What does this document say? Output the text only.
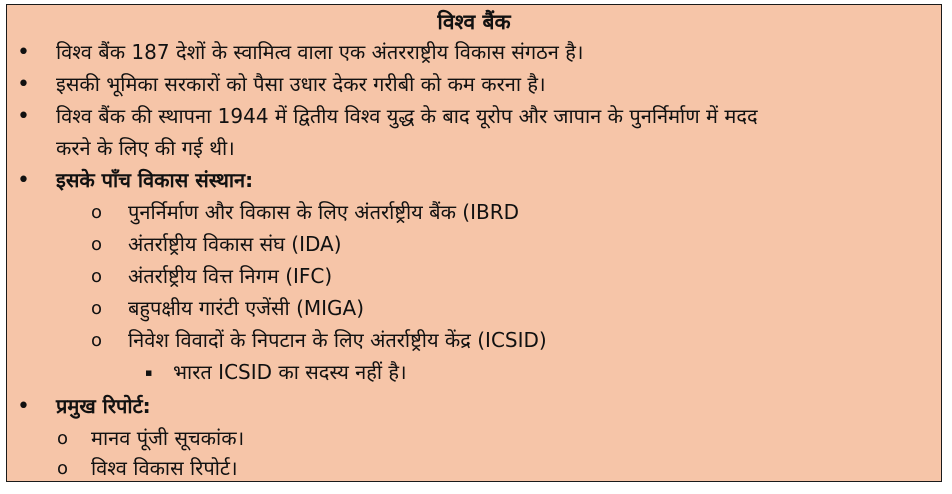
विश्व बैंक
• विश्व बैंक 187 देशों के स्वामित्व वाला एक अंतरराष्ट्रीय विकास संगठन है।
• इसकी भूमिका सरकारों को पैसा उधार देकर गरीबी को कम करना है।
• विश्व बैंक की स्थापना 1944 में द्वितीय विश्व युद्ध के बाद यूरोप और जापान के पुनर्निर्माण में मदद
करने के लिए की गई थी।
• इसके पाँच विकास संस्थान:
o पुनर्निर्माण और विकास के लिए अंतर्राष्ट्रीय बैंक (IBRD
o अंतर्राष्ट्रीय विकास संघ (IDA)
o अंतर्राष्ट्रीय वित्त निगम (IFC)
o बहुपक्षीय गारंटी एजेंसी (MIGA)
o निवेश विवादों के निपटान के लिए अंतर्राष्ट्रीय केंद्र (ICSID)
▪ भारत ICSID का सदस्य नहीं है।
• प्रमुख रिपोर्ट:
o मानव पूंजी सूचकांक।
o विश्व विकास रिपोर्ट।
